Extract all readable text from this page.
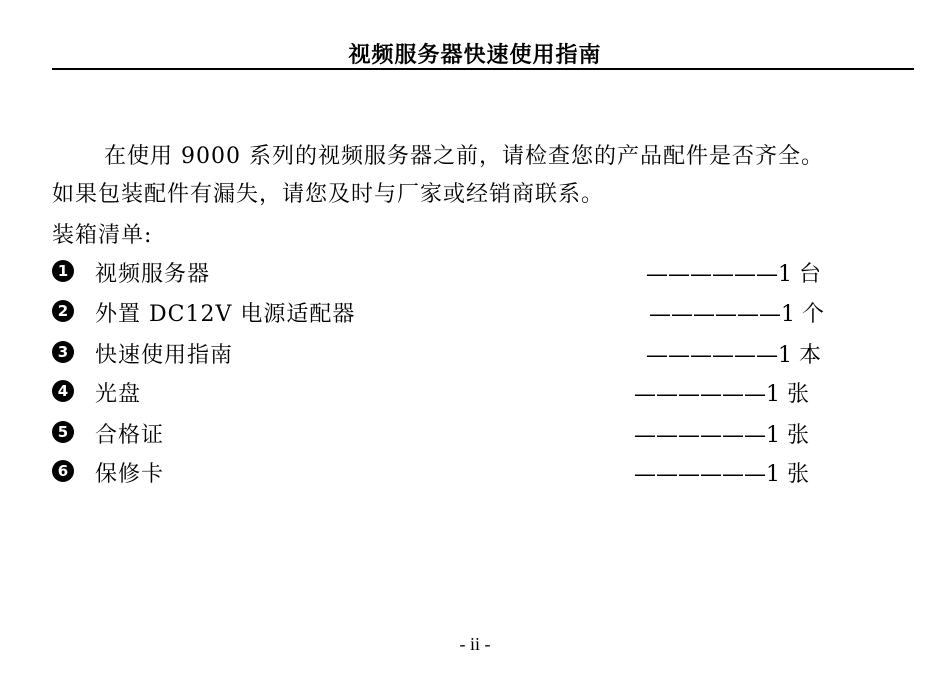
视频服务器快速使用指南
在使用 9000 系列的视频服务器之前，请检查您的产品配件是否齐全。
如果包装配件有漏失，请您及时与厂家或经销商联系。
装箱清单:
1 视频服务器	——————1 台
2 外置 DC12V 电源适配器	——————1 个
3 快速使用指南	——————1 本
4 光盘	——————1 张
5 合格证	——————1 张
6 保修卡	——————1 张
- ii -
